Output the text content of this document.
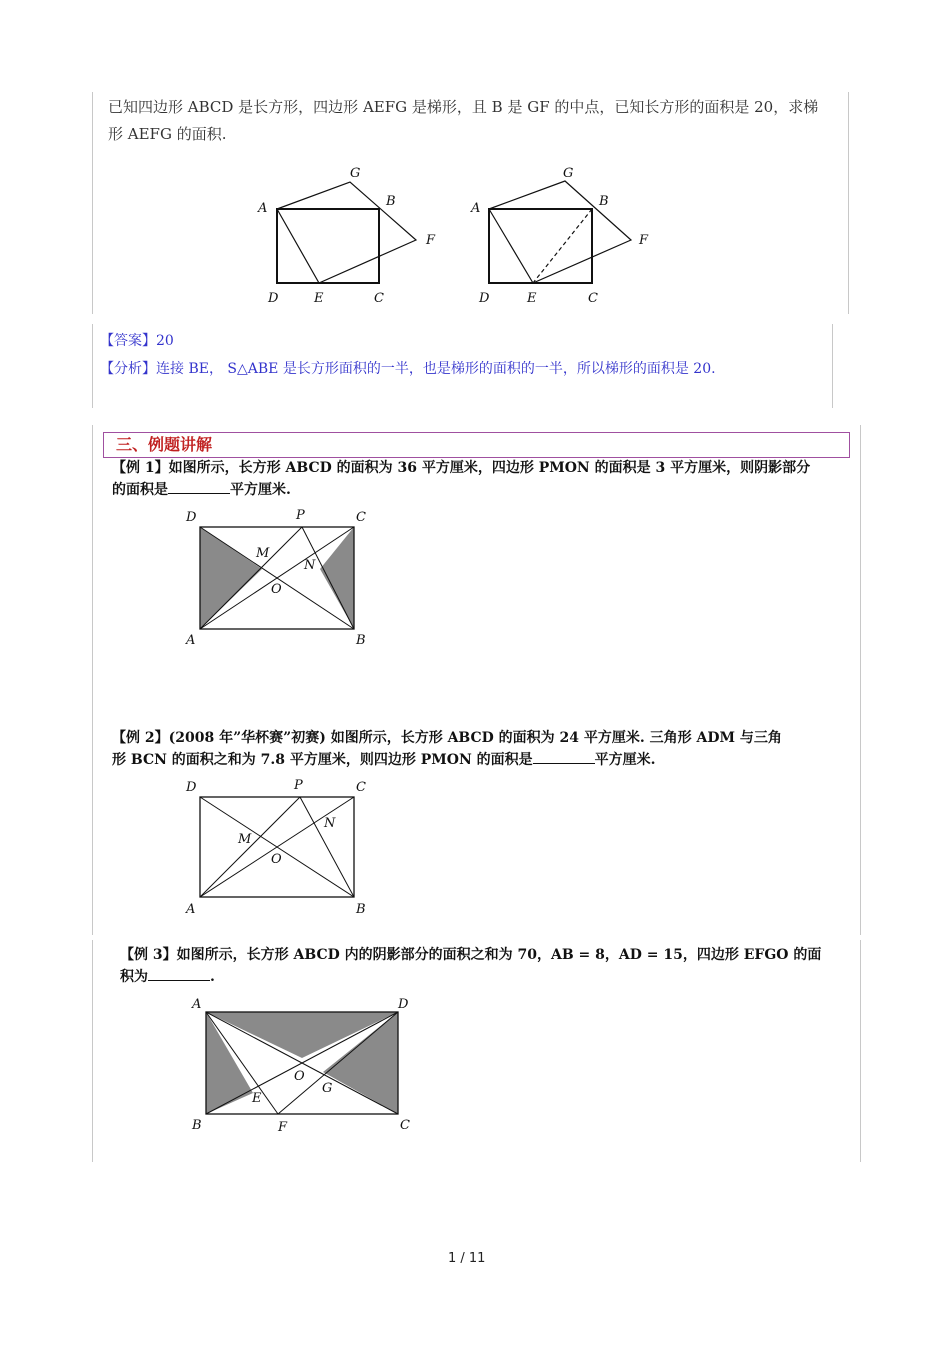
已知四边形 ABCD 是长方形，四边形 AEFG 是梯形，且 B 是 GF 的中点，已知长方形的面积是 20，求梯
形 AEFG 的面积.
G
A	B
F
D	E	C
G
A	B
F
D	E	C
【答案】20
【分析】连接 BE， S△ABE 是长方形面积的一半，也是梯形的面积的一半，所以梯形的面积是 20.
三、例题讲解
【例 1】如图所示，长方形 ABCD 的面积为 36 平方厘米，四边形 PMON 的面积是 3 平方厘米，则阴影部分
的面积是	平方厘米.
D	P	C
M
N
O
A	B
【例 2】(2008 年”华杯赛”初赛) 如图所示，长方形 ABCD 的面积为 24 平方厘米. 三角形 ADM 与三角
形 BCN 的面积之和为 7.8 平方厘米，则四边形 PMON 的面积是	平方厘米.
D	P	C
M
N
O
A	B
【例 3】如图所示，长方形 ABCD 内的阴影部分的面积之和为 70，AB = 8，AD = 15，四边形 EFGO 的面
积为	.
A	D
O
G
E
B	F	C
1 / 11
